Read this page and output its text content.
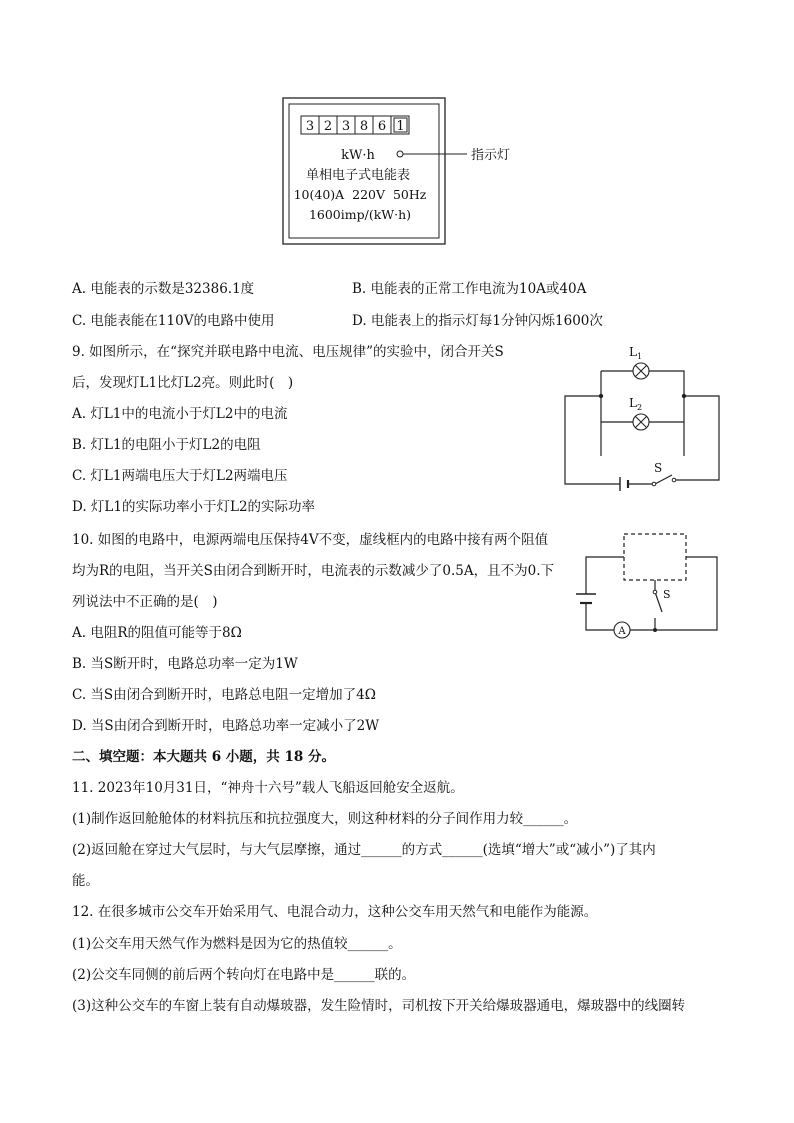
3 2 3 8 6 1
kW·h	指示灯
单相电子式电能表
10(40)A  220V  50Hz
1600imp/(kW·h)
A. 电能表的示数是32386.1度	B. 电能表的正常工作电流为10A或40A
C. 电能表能在110V的电路中使用	D. 电能表上的指示灯每1分钟闪烁1600次
9. 如图所示，在“探究并联电路中电流、电压规律”的实验中，闭合开关S
后，发现灯L1比灯L2亮。则此时(　)
A. 灯L1中的电流小于灯L2中的电流
B. 灯L1的电阻小于灯L2的电阻
C. 灯L1两端电压大于灯L2两端电压
D. 灯L1的实际功率小于灯L2的实际功率
$L_1$
$L_2$
S
10. 如图的电路中，电源两端电压保持4V不变，虚线框内的电路中接有两个阻值
均为R的电阻，当开关S由闭合到断开时，电流表的示数减少了0.5A，且不为0.下
列说法中不正确的是(　)
A. 电阻R的阻值可能等于8Ω
B. 当S断开时，电路总功率一定为1W
C. 当S由闭合到断开时，电路总电阻一定增加了4Ω
D. 当S由闭合到断开时，电路总功率一定减小了2W
A
S
二、填空题：本大题共 6 小题，共 18 分。
11. 2023年10月31日，“神舟十六号”载人飞船返回舱安全返航。
(1)制作返回舱舱体的材料抗压和抗拉强度大，则这种材料的分子间作用力较______。
(2)返回舱在穿过大气层时，与大气层摩擦，通过______的方式______(选填“增大”或“减小”)了其内
能。
12. 在很多城市公交车开始采用气、电混合动力，这种公交车用天然气和电能作为能源。
(1)公交车用天然气作为燃料是因为它的热值较______。
(2)公交车同侧的前后两个转向灯在电路中是______联的。
(3)这种公交车的车窗上装有自动爆玻器，发生险情时，司机按下开关给爆玻器通电，爆玻器中的线圈转
